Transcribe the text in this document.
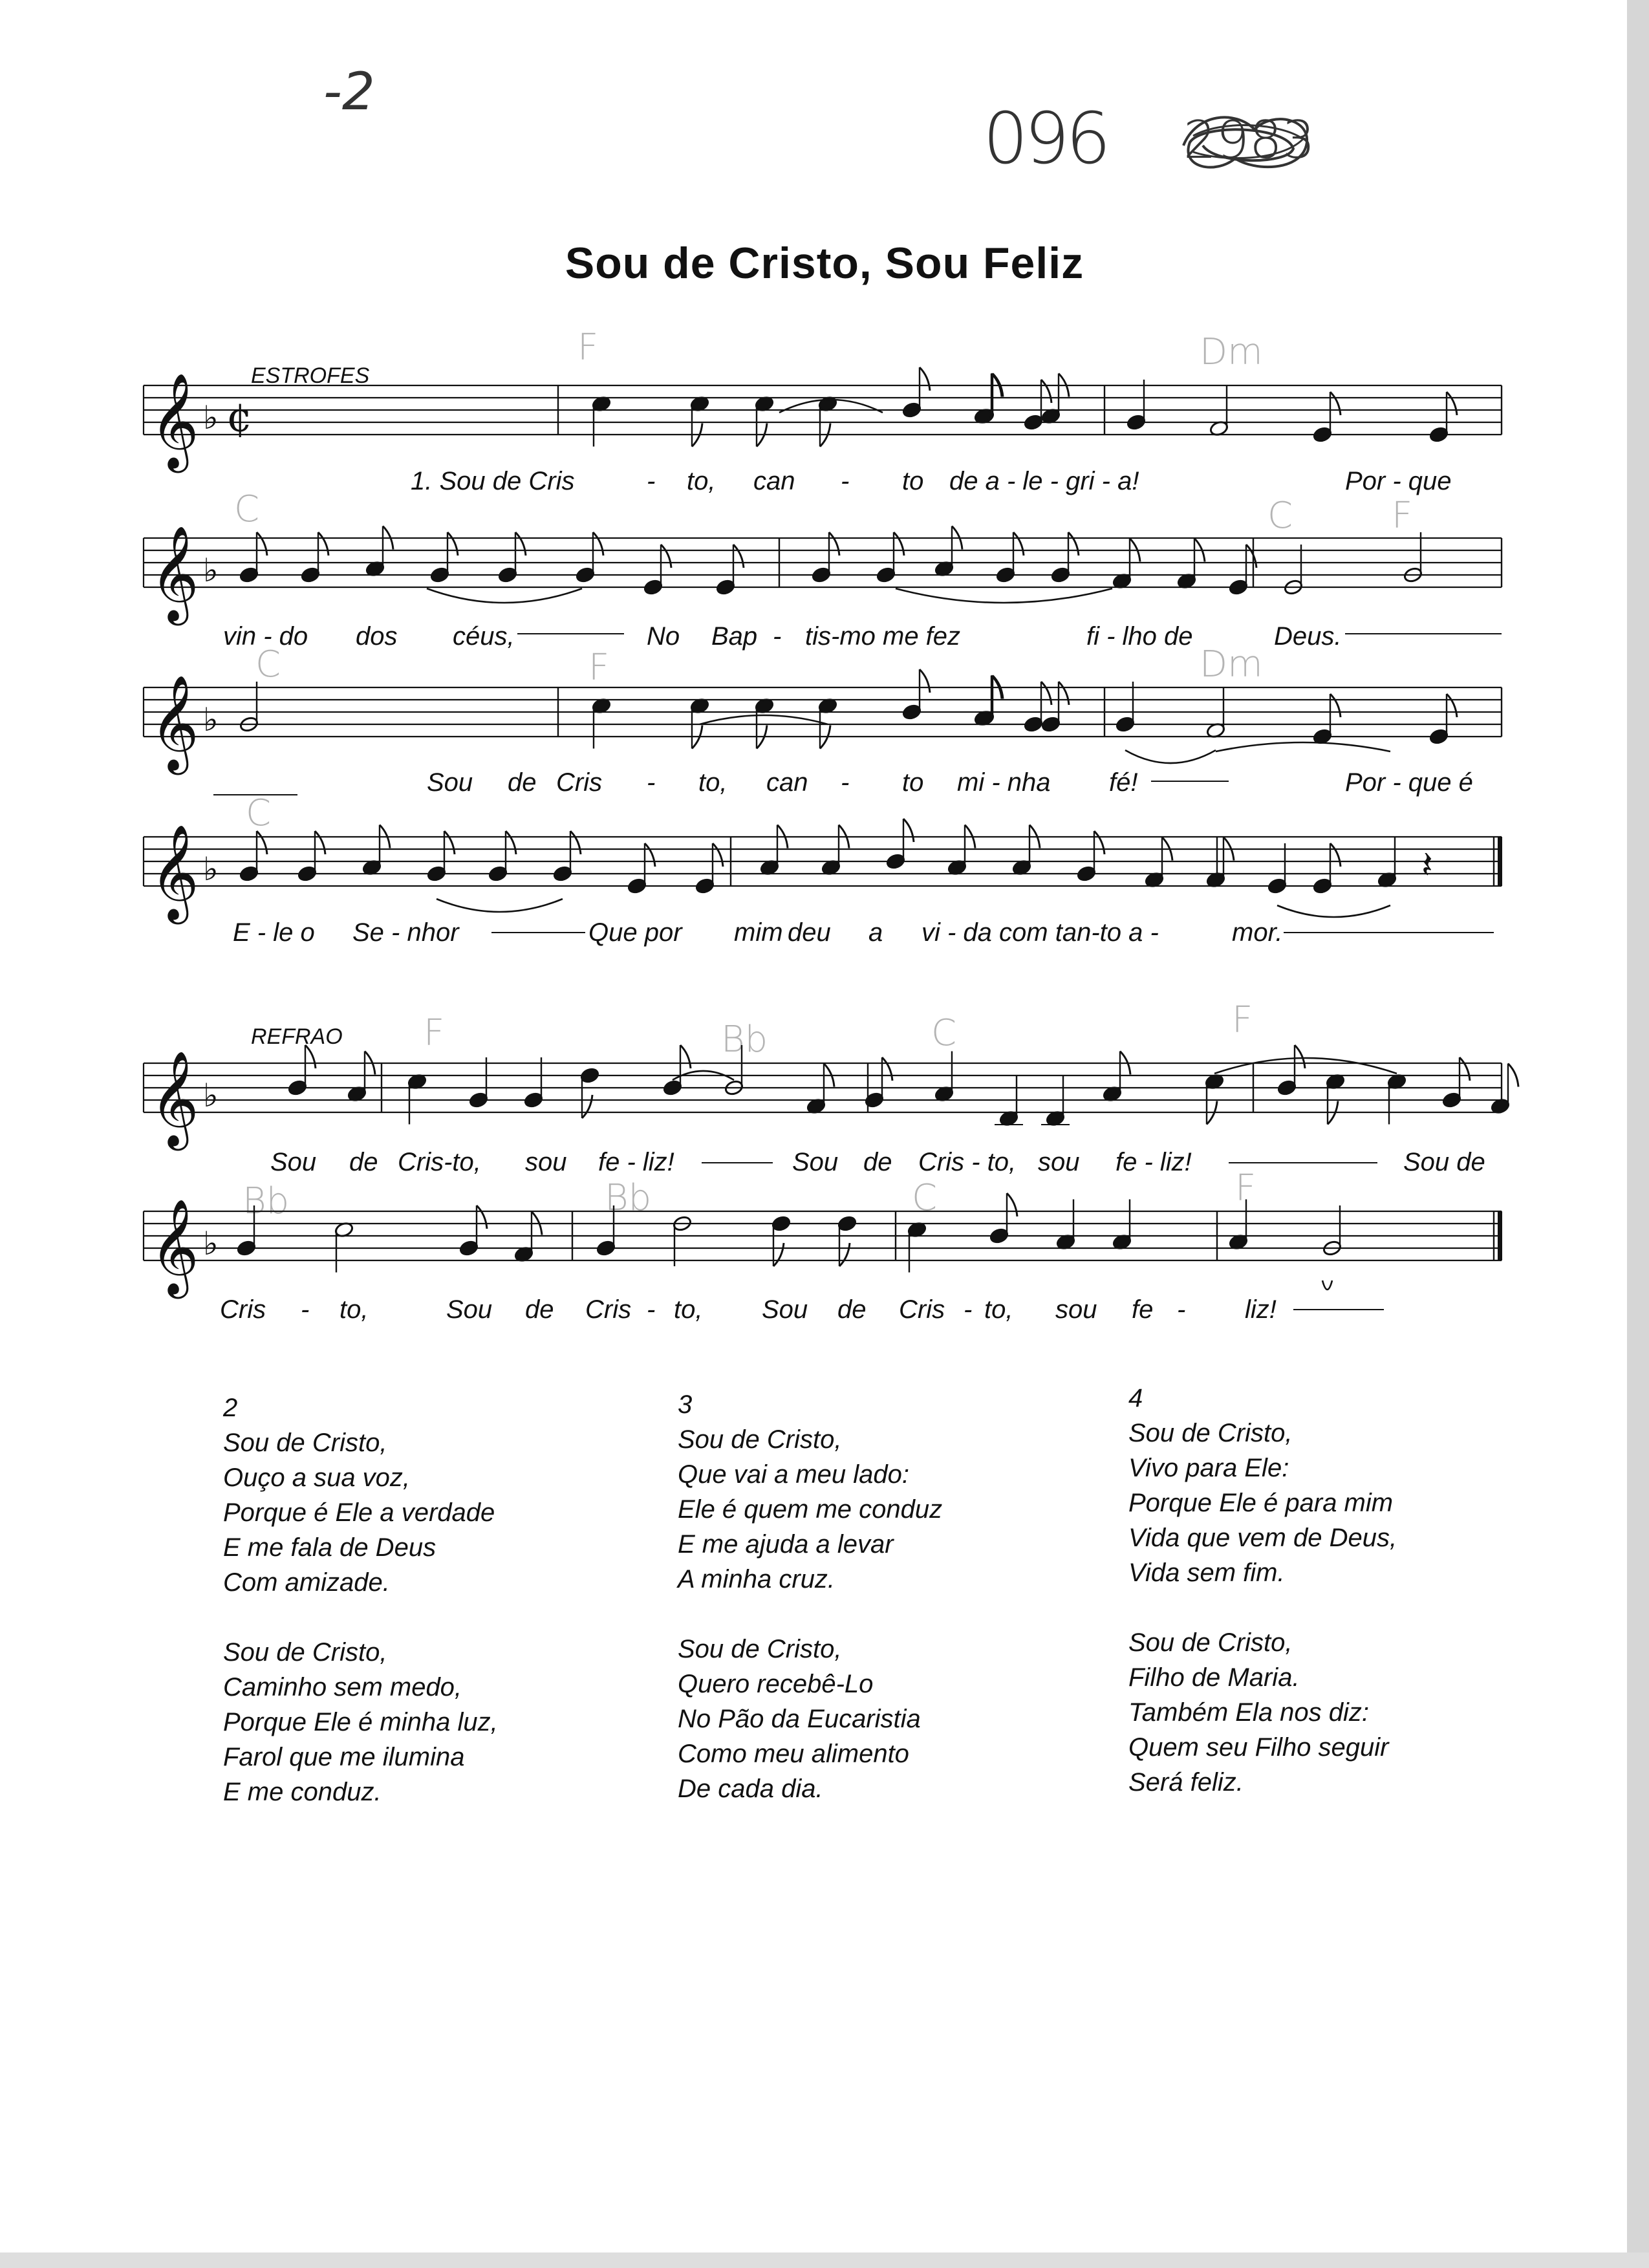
-2
096 2983
Sou de Cristo, Sou Feliz
ESTROFES
REFRAO
F	Dm
C	C	F
C	F	Dm
C
F	Bb	C	F
Bb	Bb	C	F
𝄞 ♭ ¢
𝄞 ♭
𝄞 ♭
𝄞 ♭
𝄞 ♭
𝄞 ♭
𝄽
1. Sou de Cris	- to, can - to de a - le - gri - a!	Por - que
vin - do dos céus,	No Bap - tis-mo me fez	fi - lho de	Deus.
Sou de Cris - to, can - to mi - nha fé!	Por - que é
E - le o Se - nhor	Que por mim deu a vi - da com tan-to a -	mor.
Sou de Cris-to, sou fe - liz!	Sou de Cris - to, sou fe - liz!	Sou de
Cris - to,	Sou de Cris - to, Sou de Cris - to, sou fe - liz!
2
Sou de Cristo,
Ouço a sua voz,
Porque é Ele a verdade
E me fala de Deus
Com amizade.
Sou de Cristo,
Caminho sem medo,
Porque Ele é minha luz,
Farol que me ilumina
E me conduz.
3
Sou de Cristo,
Que vai a meu lado:
Ele é quem me conduz
E me ajuda a levar
A minha cruz.
Sou de Cristo,
Quero recebê-Lo
No Pão da Eucaristia
Como meu alimento
De cada dia.
4
Sou de Cristo,
Vivo para Ele:
Porque Ele é para mim
Vida que vem de Deus,
Vida sem fim.
Sou de Cristo,
Filho de Maria.
Também Ela nos diz:
Quem seu Filho seguir
Será feliz.
